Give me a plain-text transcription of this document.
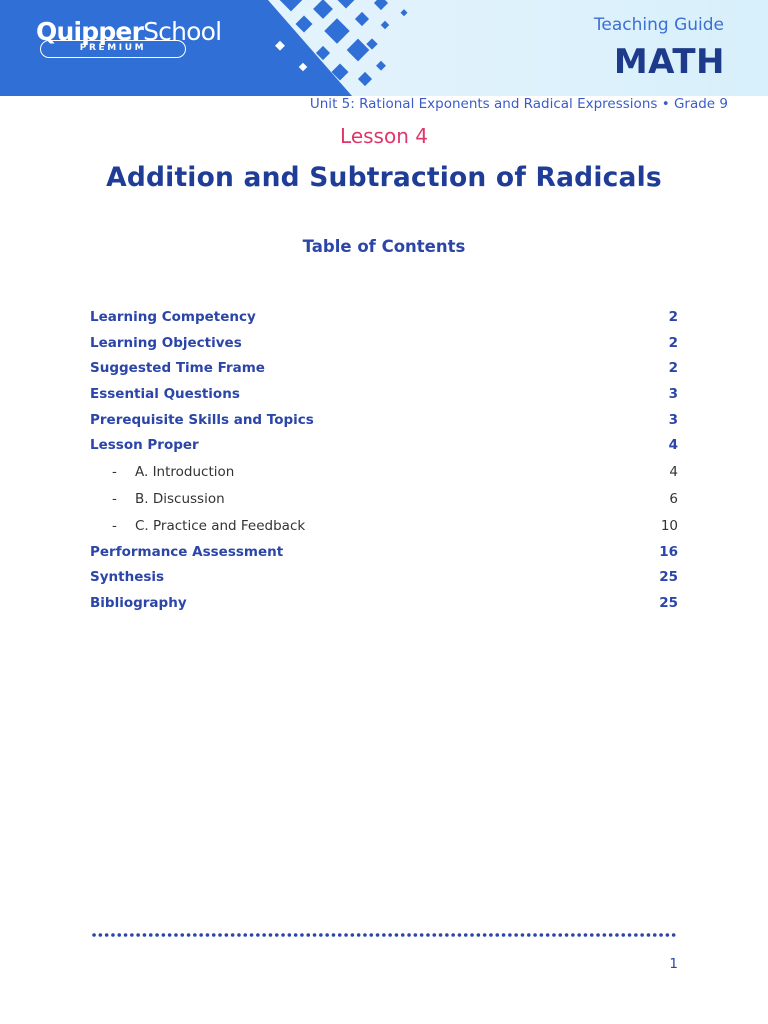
QuipperSchool
PREMIUM
Teaching Guide
MATH
Unit 5: Rational Exponents and Radical Expressions • Grade 9
Lesson 4
Addition and Subtraction of Radicals
Table of Contents
Learning Competency	2
Learning Objectives	2
Suggested Time Frame	2
Essential Questions	3
Prerequisite Skills and Topics	3
Lesson Proper	4
- A. Introduction	4
- B. Discussion	6
- C. Practice and Feedback	10
Performance Assessment	16
Synthesis	25
Bibliography	25
1
